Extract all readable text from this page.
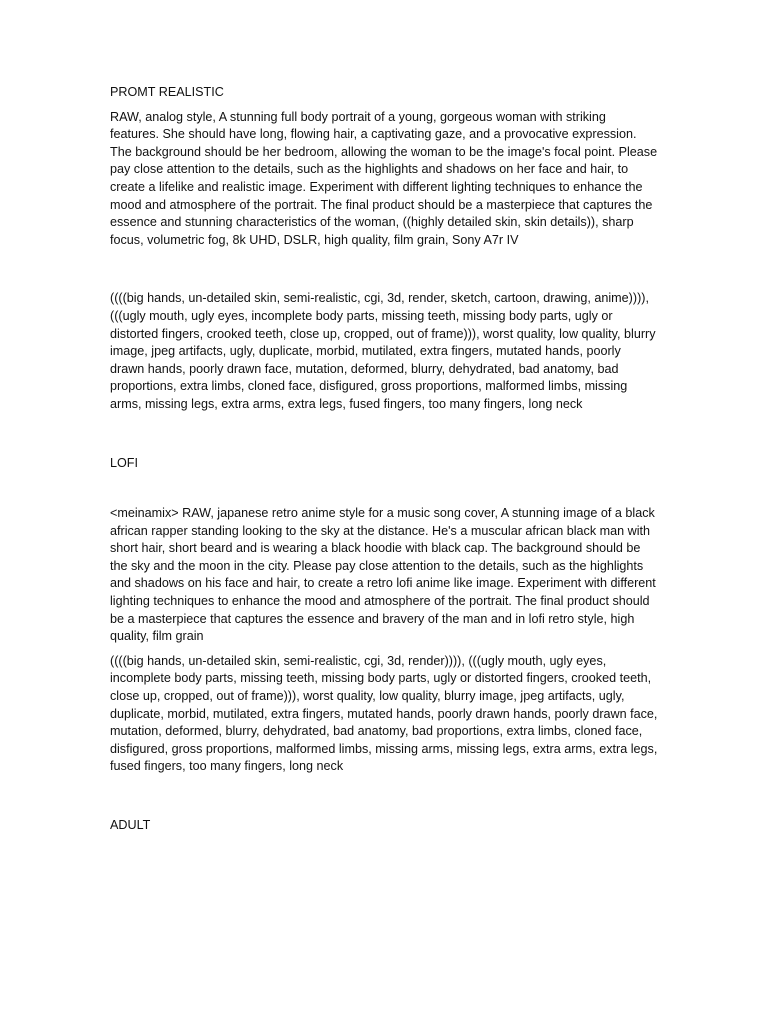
PROMT REALISTIC

RAW, analog style, A stunning full body portrait of a young, gorgeous woman with striking features. She should have long, flowing hair, a captivating gaze, and a provocative expression. The background should be her bedroom, allowing the woman to be the image's focal point. Please pay close attention to the details, such as the highlights and shadows on her face and hair, to create a lifelike and realistic image. Experiment with different lighting techniques to enhance the mood and atmosphere of the portrait. The final product should be a masterpiece that captures the essence and stunning characteristics of the woman, ((highly detailed skin, skin details)), sharp focus, volumetric fog, 8k UHD, DSLR, high quality, film grain, Sony A7r IV

((((big hands, un-detailed skin, semi-realistic, cgi, 3d, render, sketch, cartoon, drawing, anime)))), (((ugly mouth, ugly eyes, incomplete body parts, missing teeth, missing body parts, ugly or distorted fingers, crooked teeth, close up, cropped, out of frame))), worst quality, low quality, blurry image, jpeg artifacts, ugly, duplicate, morbid, mutilated, extra fingers, mutated hands, poorly drawn hands, poorly drawn face, mutation, deformed, blurry, dehydrated, bad anatomy, bad proportions, extra limbs, cloned face, disfigured, gross proportions, malformed limbs, missing arms, missing legs, extra arms, extra legs, fused fingers, too many fingers, long neck

LOFI

<meinamix> RAW, japanese retro anime style for a music song cover, A stunning image of a black african rapper standing looking to the sky at the distance. He's a muscular african black man with short hair, short beard and is wearing a black hoodie with black cap. The background should be the sky and the moon in the city. Please pay close attention to the details, such as the highlights and shadows on his face and hair, to create a retro lofi anime like image. Experiment with different lighting techniques to enhance the mood and atmosphere of the portrait. The final product should be a masterpiece that captures the essence and bravery of the man and in lofi retro style, high quality, film grain

((((big hands, un-detailed skin, semi-realistic, cgi, 3d, render)))), (((ugly mouth, ugly eyes, incomplete body parts, missing teeth, missing body parts, ugly or distorted fingers, crooked teeth, close up, cropped, out of frame))), worst quality, low quality, blurry image, jpeg artifacts, ugly, duplicate, morbid, mutilated, extra fingers, mutated hands, poorly drawn hands, poorly drawn face, mutation, deformed, blurry, dehydrated, bad anatomy, bad proportions, extra limbs, cloned face, disfigured, gross proportions, malformed limbs, missing arms, missing legs, extra arms, extra legs, fused fingers, too many fingers, long neck

ADULT
